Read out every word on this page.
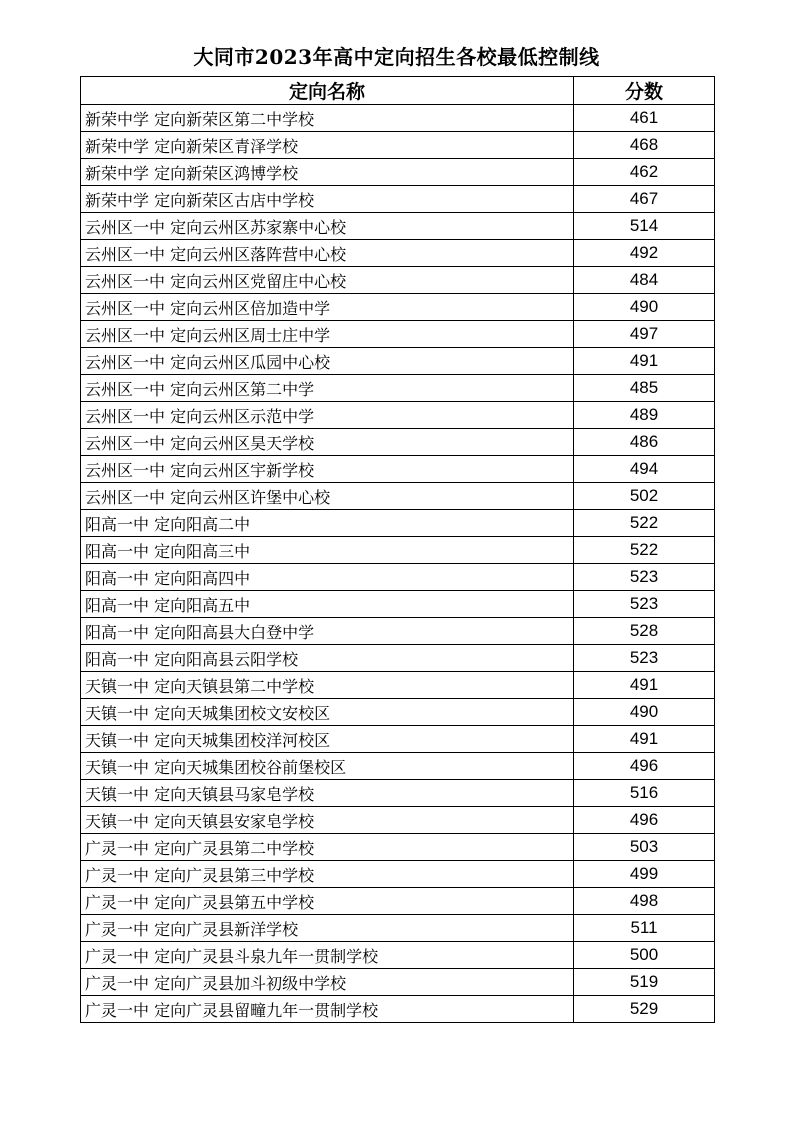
大同市2023年高中定向招生各校最低控制线
定向名称	分数
新荣中学 定向新荣区第二中学校	461
新荣中学 定向新荣区青泽学校	468
新荣中学 定向新荣区鸿博学校	462
新荣中学 定向新荣区古店中学校	467
云州区一中 定向云州区苏家寨中心校	514
云州区一中 定向云州区落阵营中心校	492
云州区一中 定向云州区党留庄中心校	484
云州区一中 定向云州区倍加造中学	490
云州区一中 定向云州区周士庄中学	497
云州区一中 定向云州区瓜园中心校	491
云州区一中 定向云州区第二中学	485
云州区一中 定向云州区示范中学	489
云州区一中 定向云州区昊天学校	486
云州区一中 定向云州区宇新学校	494
云州区一中 定向云州区许堡中心校	502
阳高一中 定向阳高二中	522
阳高一中 定向阳高三中	522
阳高一中 定向阳高四中	523
阳高一中 定向阳高五中	523
阳高一中 定向阳高县大白登中学	528
阳高一中 定向阳高县云阳学校	523
天镇一中 定向天镇县第二中学校	491
天镇一中 定向天城集团校文安校区	490
天镇一中 定向天城集团校洋河校区	491
天镇一中 定向天城集团校谷前堡校区	496
天镇一中 定向天镇县马家皂学校	516
天镇一中 定向天镇县安家皂学校	496
广灵一中 定向广灵县第二中学校	503
广灵一中 定向广灵县第三中学校	499
广灵一中 定向广灵县第五中学校	498
广灵一中 定向广灵县新洋学校	511
广灵一中 定向广灵县斗泉九年一贯制学校	500
广灵一中 定向广灵县加斗初级中学校	519
广灵一中 定向广灵县留疃九年一贯制学校	529
